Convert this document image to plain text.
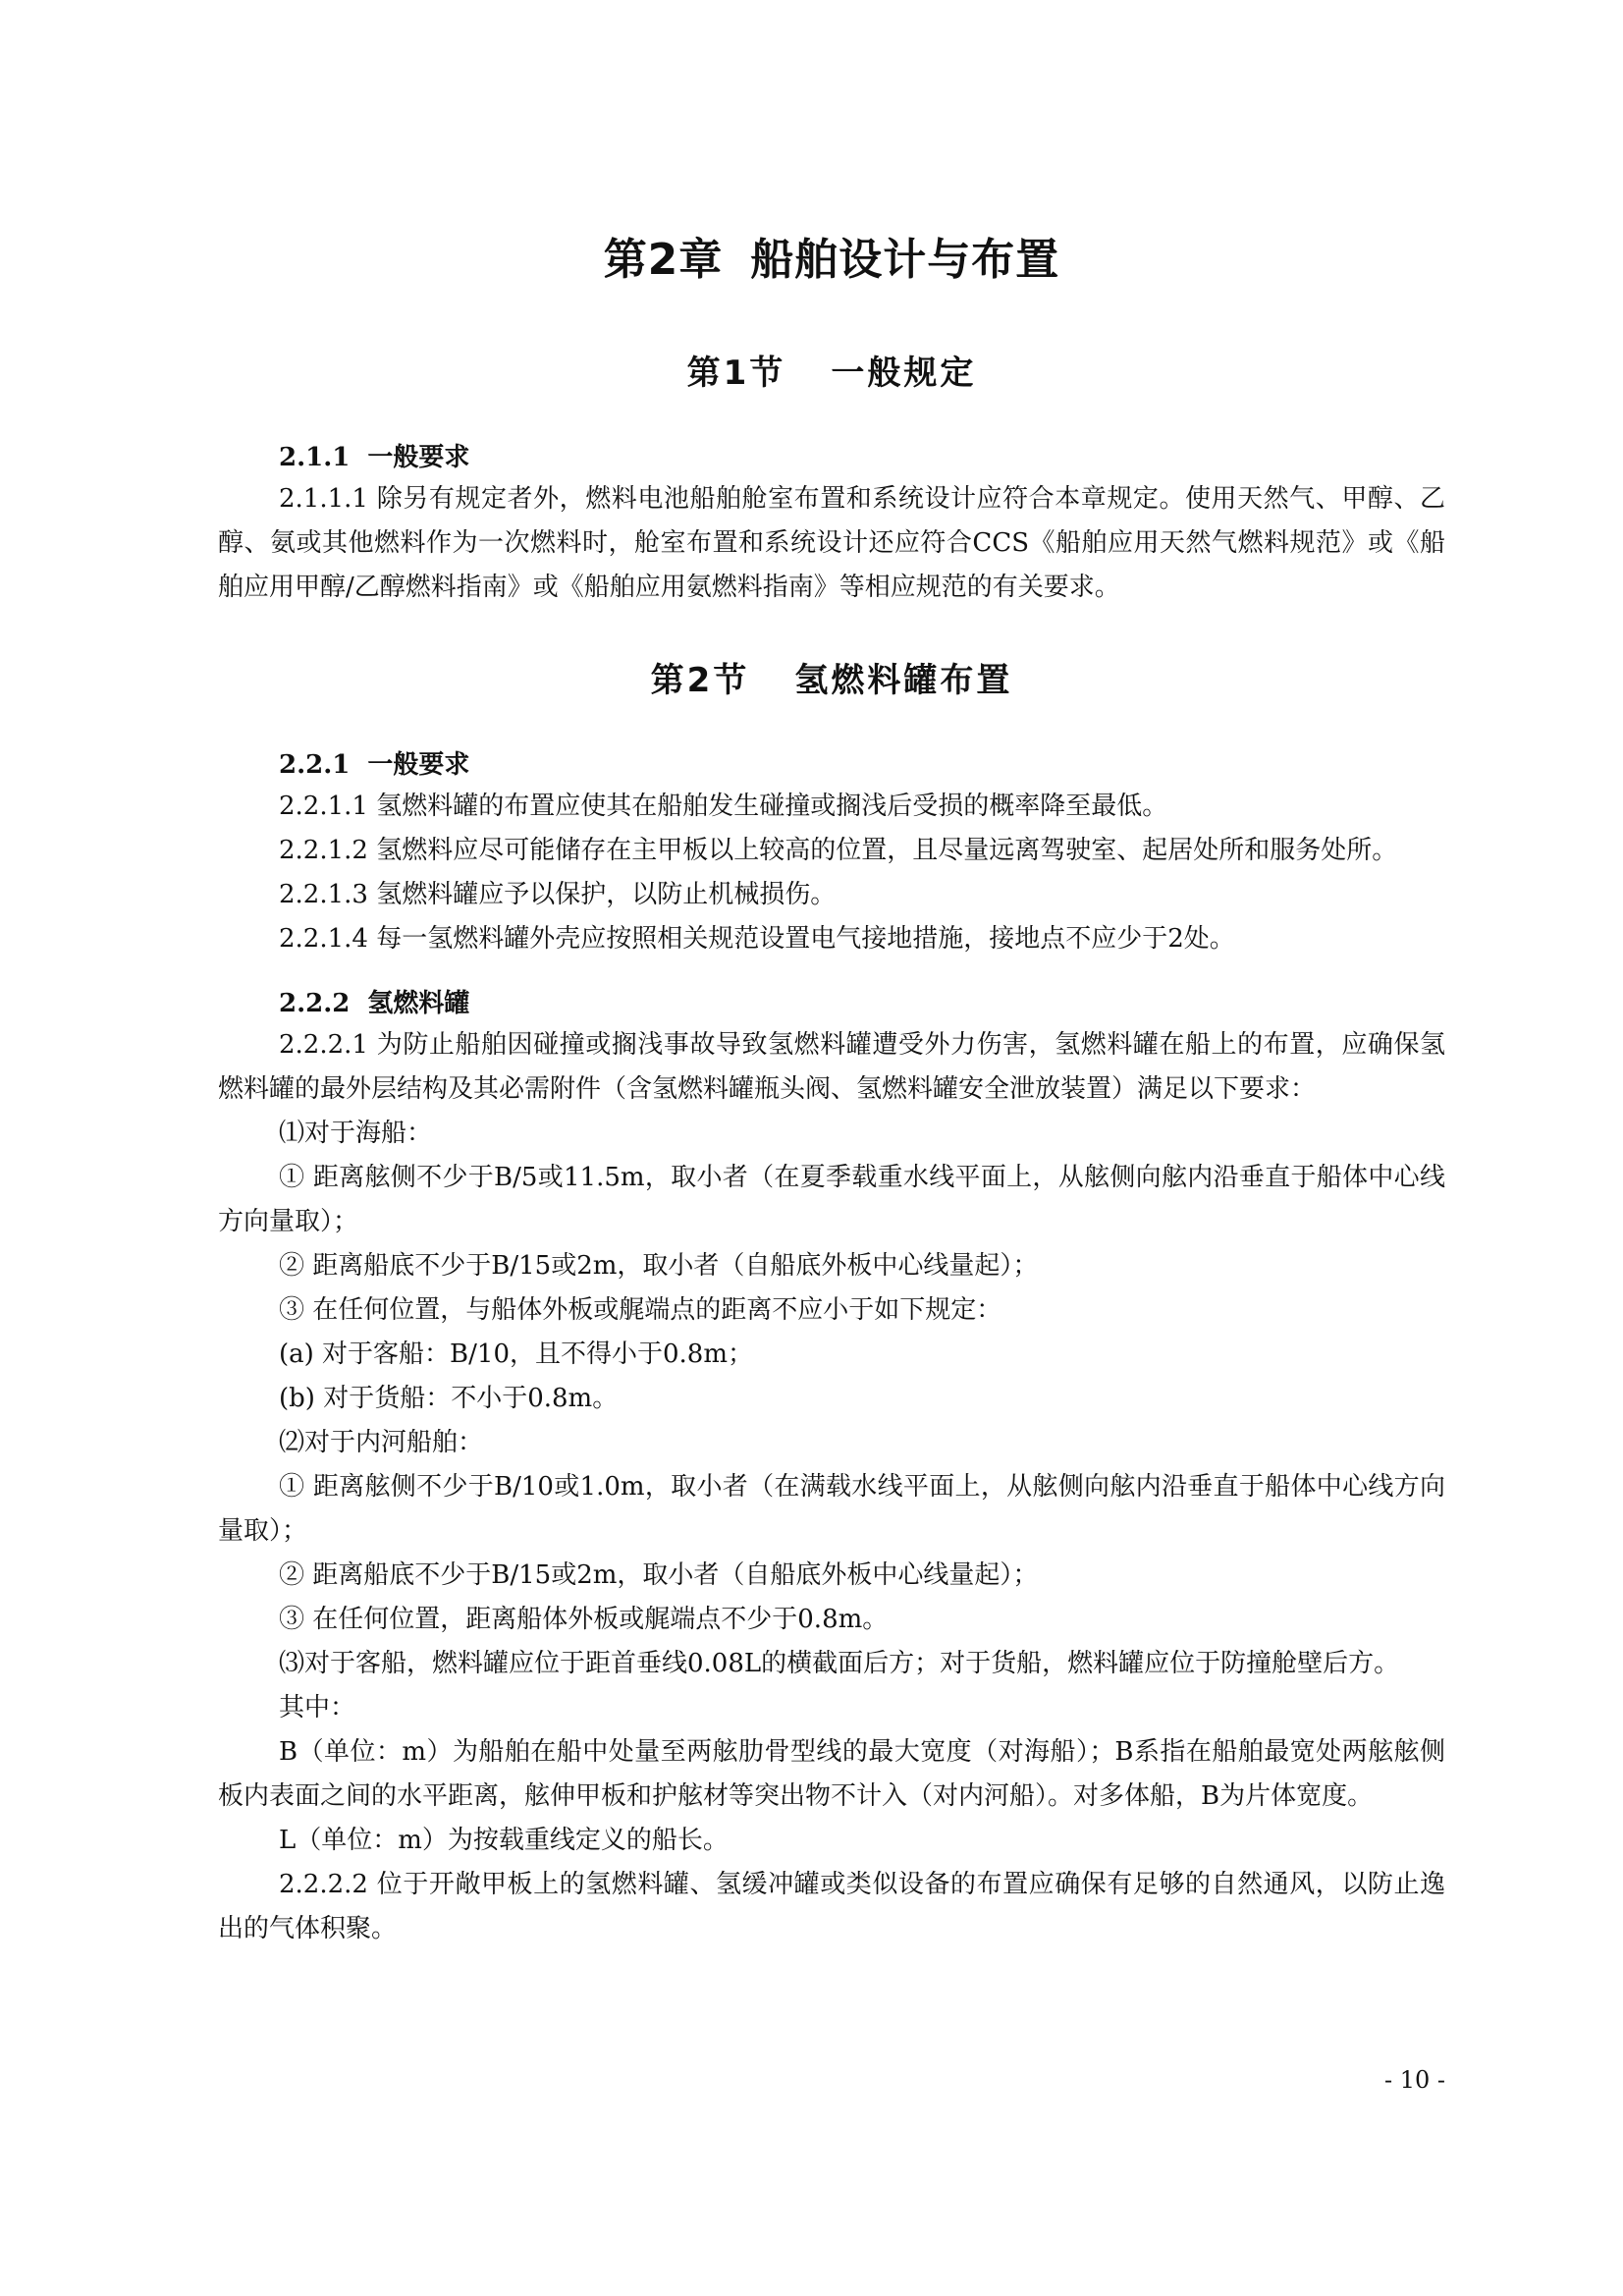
第2章 船舶设计与布置
第1节 一般规定
2.1.1 一般要求

2.1.1.1 除另有规定者外，燃料电池船舶舱室布置和系统设计应符合本章规定。使用天然气、甲醇、乙醇、氨或其他燃料作为一次燃料时，舱室布置和系统设计还应符合CCS《船舶应用天然气燃料规范》或《船舶应用甲醇/乙醇燃料指南》或《船舶应用氨燃料指南》等相应规范的有关要求。

第2节 氢燃料罐布置
2.2.1 一般要求

2.2.1.1 氢燃料罐的布置应使其在船舶发生碰撞或搁浅后受损的概率降至最低。

2.2.1.2 氢燃料应尽可能储存在主甲板以上较高的位置，且尽量远离驾驶室、起居处所和服务处所。

2.2.1.3 氢燃料罐应予以保护，以防止机械损伤。

2.2.1.4 每一氢燃料罐外壳应按照相关规范设置电气接地措施，接地点不应少于2处。

2.2.2 氢燃料罐

2.2.2.1 为防止船舶因碰撞或搁浅事故导致氢燃料罐遭受外力伤害，氢燃料罐在船上的布置，应确保氢燃料罐的最外层结构及其必需附件（含氢燃料罐瓶头阀、氢燃料罐安全泄放装置）满足以下要求：

⑴对于海船：

① 距离舷侧不少于B/5或11.5m，取小者（在夏季载重水线平面上，从舷侧向舷内沿垂直于船体中心线方向量取）；

② 距离船底不少于B/15或2m，取小者（自船底外板中心线量起）；

③ 在任何位置，与船体外板或艉端点的距离不应小于如下规定：

(a) 对于客船：B/10，且不得小于0.8m；

(b) 对于货船：不小于0.8m。

⑵对于内河船舶：

① 距离舷侧不少于B/10或1.0m，取小者（在满载水线平面上，从舷侧向舷内沿垂直于船体中心线方向量取）；

② 距离船底不少于B/15或2m，取小者（自船底外板中心线量起）；

③ 在任何位置，距离船体外板或艉端点不少于0.8m。

⑶对于客船，燃料罐应位于距首垂线0.08L的横截面后方；对于货船，燃料罐应位于防撞舱壁后方。

其中：

B（单位：m）为船舶在船中处量至两舷肋骨型线的最大宽度（对海船）；B系指在船舶最宽处两舷舷侧板内表面之间的水平距离，舷伸甲板和护舷材等突出物不计入（对内河船）。对多体船，B为片体宽度。

L（单位：m）为按载重线定义的船长。

2.2.2.2 位于开敞甲板上的氢燃料罐、氢缓冲罐或类似设备的布置应确保有足够的自然通风，以防止逸出的气体积聚。

- 10 -
